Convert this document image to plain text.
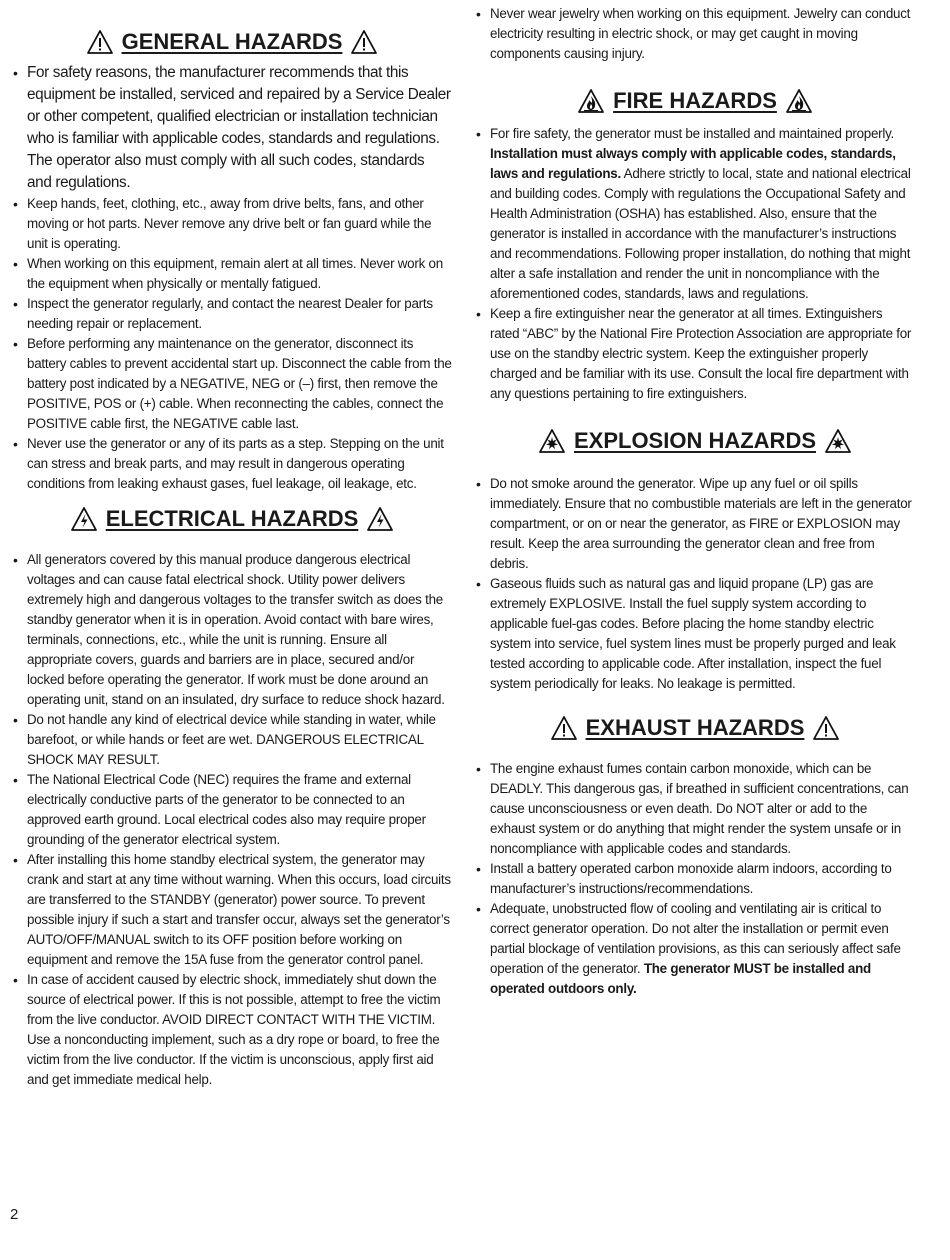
GENERAL HAZARDS
• For safety reasons, the manufacturer recommends that this equipment be installed, serviced and repaired by a Service Dealer or other competent, qualified electrician or installation technician who is familiar with applicable codes, standards and regulations. The operator also must comply with all such codes, standards and regulations.
• Keep hands, feet, clothing, etc., away from drive belts, fans, and other moving or hot parts. Never remove any drive belt or fan guard while the unit is operating.
• When working on this equipment, remain alert at all times. Never work on the equipment when physically or mentally fatigued.
• Inspect the generator regularly, and contact the nearest Dealer for parts needing repair or replacement.
• Before performing any maintenance on the generator, disconnect its battery cables to prevent accidental start up. Disconnect the cable from the battery post indicated by a NEGATIVE, NEG or (–) first, then remove the POSITIVE, POS or (+) cable. When reconnecting the cables, connect the POSITIVE cable first, the NEGATIVE cable last.
• Never use the generator or any of its parts as a step. Stepping on the unit can stress and break parts, and may result in dangerous operating conditions from leaking exhaust gases, fuel leakage, oil leakage, etc.
ELECTRICAL HAZARDS
• All generators covered by this manual produce dangerous electrical voltages and can cause fatal electrical shock. Utility power delivers extremely high and dangerous voltages to the transfer switch as does the standby generator when it is in operation. Avoid contact with bare wires, terminals, connections, etc., while the unit is running. Ensure all appropriate covers, guards and barriers are in place, secured and/or locked before operating the generator. If work must be done around an operating unit, stand on an insulated, dry surface to reduce shock hazard.
• Do not handle any kind of electrical device while standing in water, while barefoot, or while hands or feet are wet. DANGEROUS ELECTRICAL SHOCK MAY RESULT.
• The National Electrical Code (NEC) requires the frame and external electrically conductive parts of the generator to be connected to an approved earth ground. Local electrical codes also may require proper grounding of the generator electrical system.
• After installing this home standby electrical system, the generator may crank and start at any time without warning. When this occurs, load circuits are transferred to the STANDBY (generator) power source. To prevent possible injury if such a start and transfer occur, always set the generator’s AUTO/OFF/MANUAL switch to its OFF position before working on equipment and remove the 15A fuse from the generator control panel.
• In case of accident caused by electric shock, immediately shut down the source of electrical power. If this is not possible, attempt to free the victim from the live conductor. AVOID DIRECT CONTACT WITH THE VICTIM. Use a nonconducting implement, such as a dry rope or board, to free the victim from the live conductor. If the victim is unconscious, apply first aid and get immediate medical help.
• Never wear jewelry when working on this equipment. Jewelry can conduct electricity resulting in electric shock, or may get caught in moving components causing injury.
FIRE HAZARDS
• For fire safety, the generator must be installed and maintained properly. Installation must always comply with applicable codes, standards, laws and regulations. Adhere strictly to local, state and national electrical and building codes. Comply with regulations the Occupational Safety and Health Administration (OSHA) has established. Also, ensure that the generator is installed in accordance with the manufacturer’s instructions and recommendations. Following proper installation, do nothing that might alter a safe installation and render the unit in noncompliance with the aforementioned codes, standards, laws and regulations.
• Keep a fire extinguisher near the generator at all times. Extinguishers rated “ABC” by the National Fire Protection Association are appropriate for use on the standby electric system. Keep the extinguisher properly charged and be familiar with its use. Consult the local fire department with any questions pertaining to fire extinguishers.
EXPLOSION HAZARDS
• Do not smoke around the generator. Wipe up any fuel or oil spills immediately. Ensure that no combustible materials are left in the generator compartment, or on or near the generator, as FIRE or EXPLOSION may result. Keep the area surrounding the generator clean and free from debris.
• Gaseous fluids such as natural gas and liquid propane (LP) gas are extremely EXPLOSIVE. Install the fuel supply system according to applicable fuel-gas codes. Before placing the home standby electric system into service, fuel system lines must be properly purged and leak tested according to applicable code. After installation, inspect the fuel system periodically for leaks. No leakage is permitted.
EXHAUST HAZARDS
• The engine exhaust fumes contain carbon monoxide, which can be DEADLY. This dangerous gas, if breathed in sufficient concentrations, can cause unconsciousness or even death. Do NOT alter or add to the exhaust system or do anything that might render the system unsafe or in noncompliance with applicable codes and standards.
• Install a battery operated carbon monoxide alarm indoors, according to manufacturer’s instructions/recommendations.
• Adequate, unobstructed flow of cooling and ventilating air is critical to correct generator operation. Do not alter the installation or permit even partial blockage of ventilation provisions, as this can seriously affect safe operation of the generator. The generator MUST be installed and operated outdoors only.
2
